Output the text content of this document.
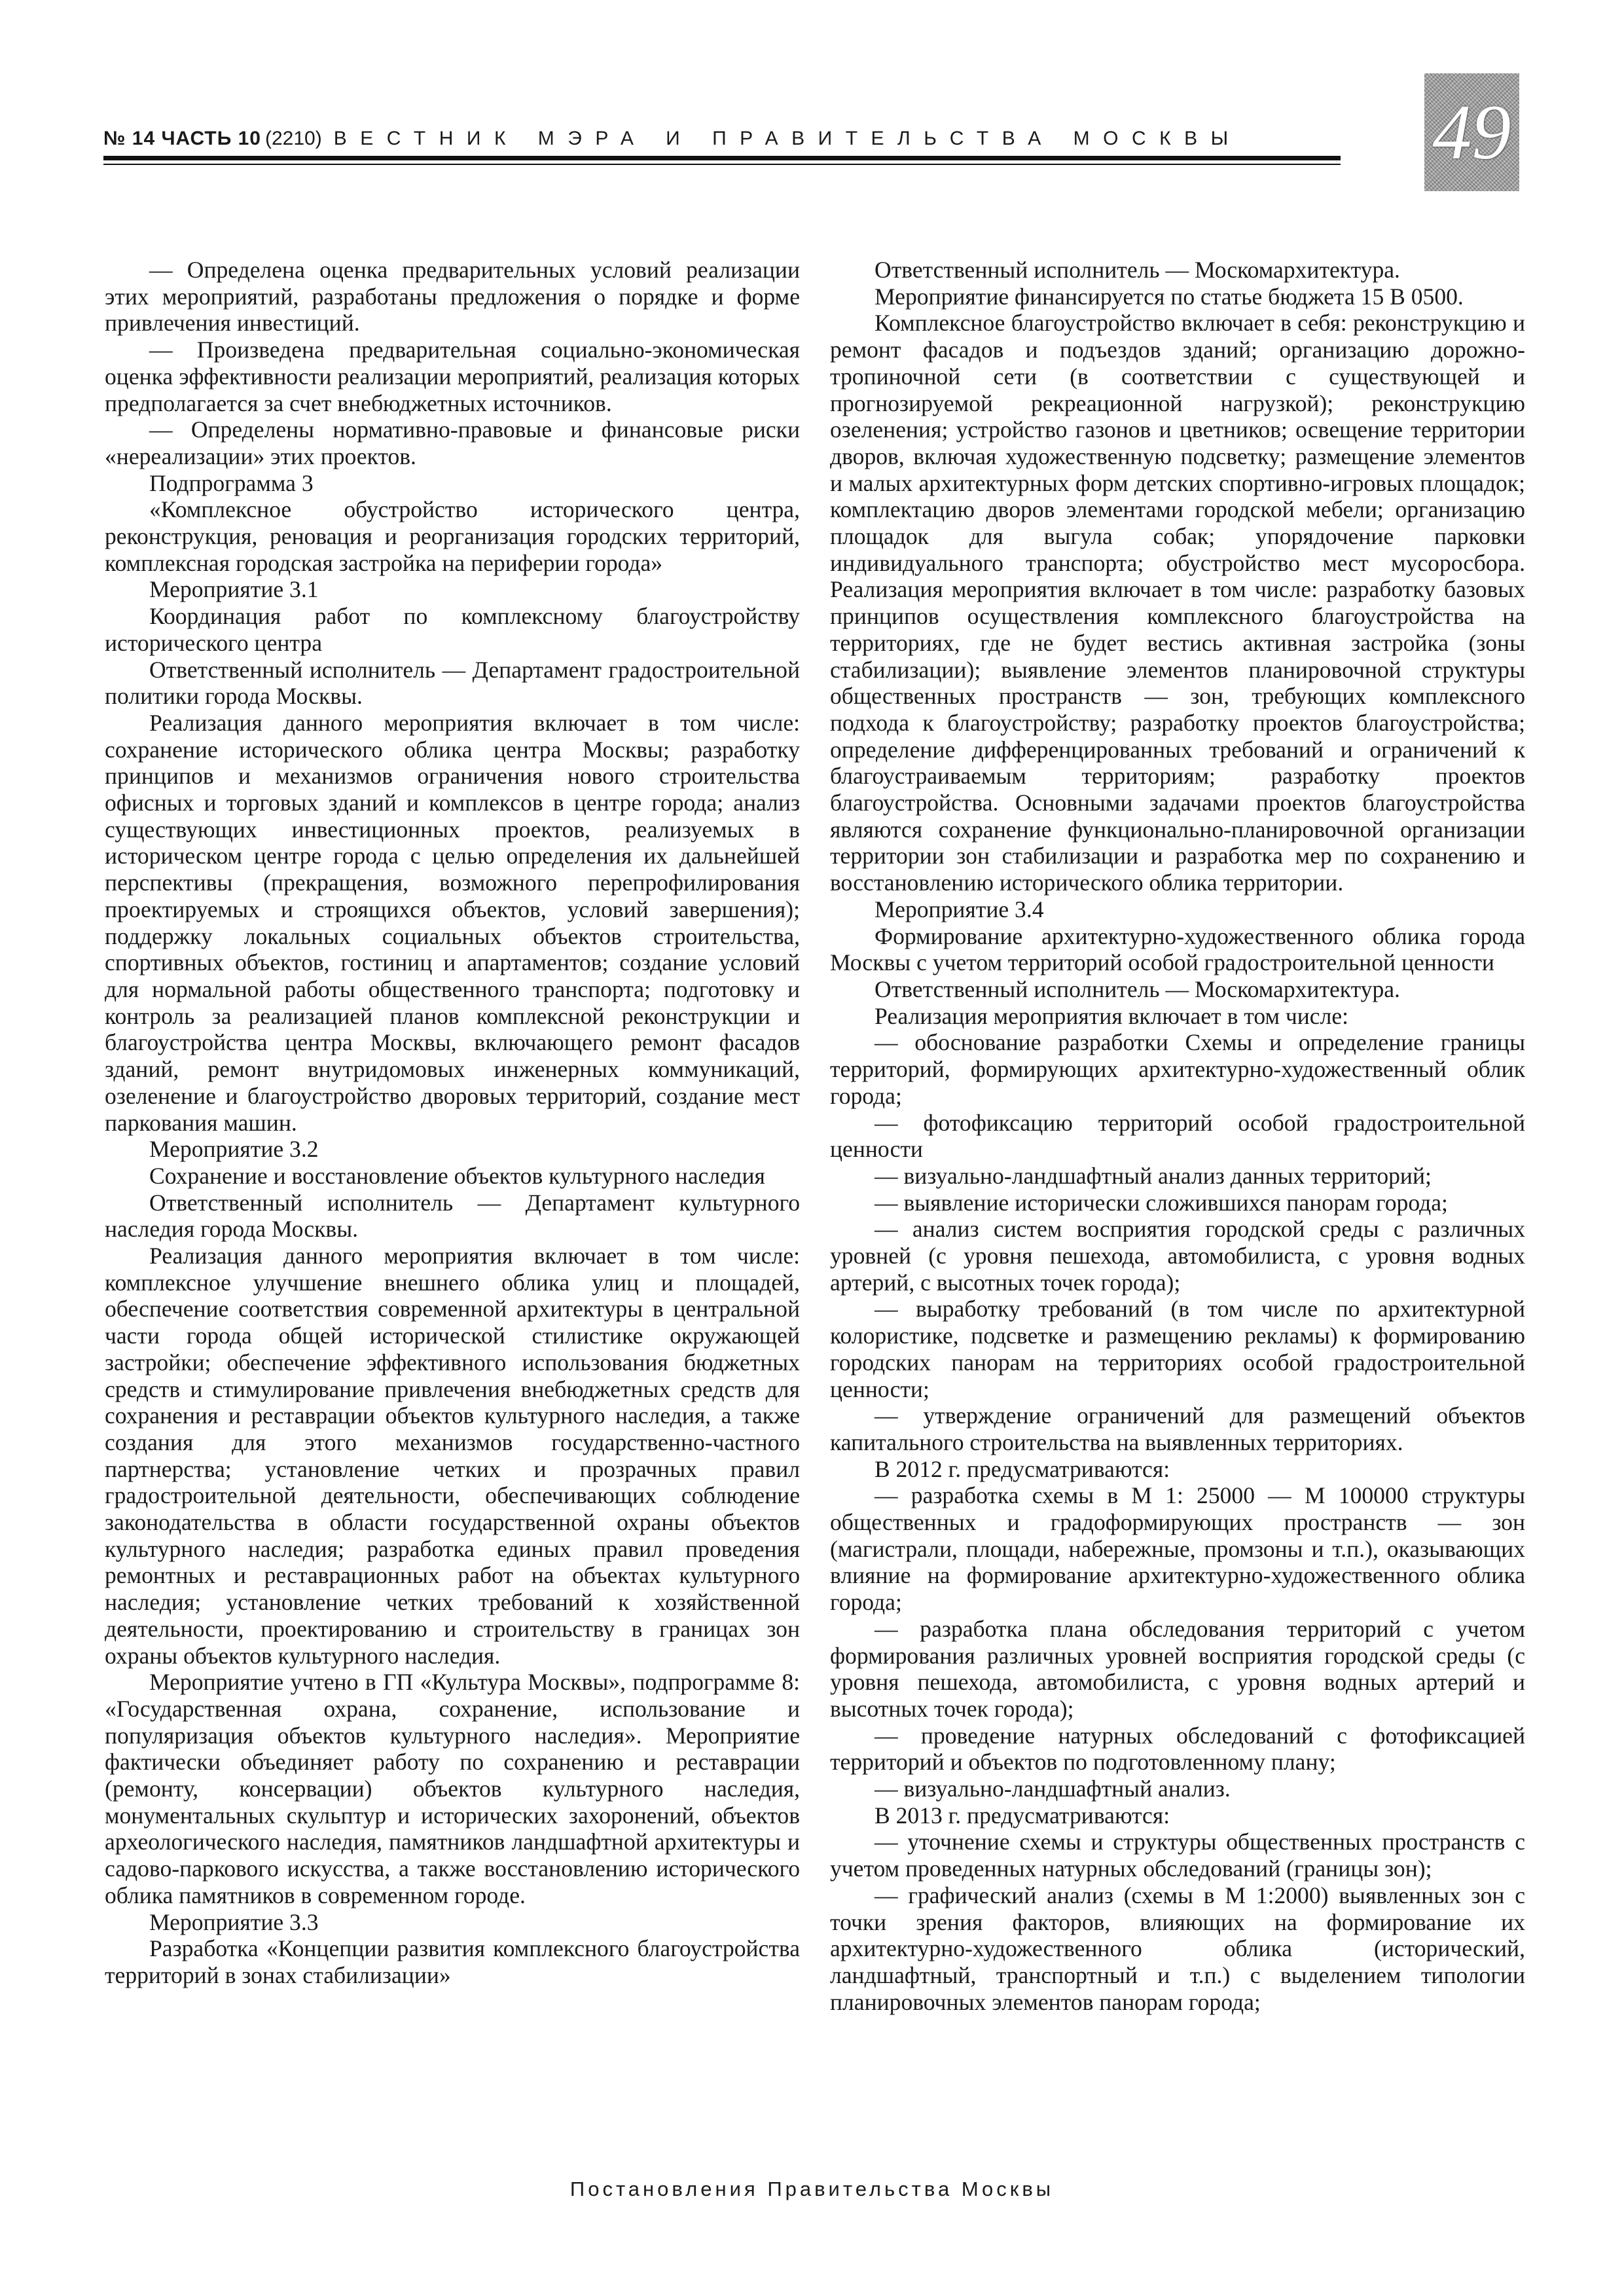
№ 14 ЧАСТЬ 10 (2210) ВЕСТНИК МЭРА И ПРАВИТЕЛЬСТВА МОСКВЫ	49

— Определена оценка предварительных условий реализации этих мероприятий, разработаны предложения о порядке и форме привлечения инвестиций.

— Произведена предварительная социально-экономическая оценка эффективности реализации мероприятий, реализация которых предполагается за счет внебюджетных источников.

— Определены нормативно-правовые и финансовые риски «нереализации» этих проектов.

Подпрограмма 3

«Комплексное обустройство исторического центра, реконструкция, реновация и реорганизация городских территорий, комплексная городская застройка на периферии города»

Мероприятие 3.1

Координация работ по комплексному благоустройству исторического центра

Ответственный исполнитель — Департамент градостроительной политики города Москвы.

Реализация данного мероприятия включает в том числе: сохранение исторического облика центра Москвы; разработку принципов и механизмов ограничения нового строительства офисных и торговых зданий и комплексов в центре города; анализ существующих инвестиционных проектов, реализуемых в историческом центре города с целью определения их дальнейшей перспективы (прекращения, возможного перепрофилирования проектируемых и строящихся объектов, условий завершения); поддержку локальных социальных объектов строительства, спортивных объектов, гостиниц и апартаментов; создание условий для нормальной работы общественного транспорта; подготовку и контроль за реализацией планов комплексной реконструкции и благоустройства центра Москвы, включающего ремонт фасадов зданий, ремонт внутридомовых инженерных коммуникаций, озеленение и благоустройство дворовых территорий, создание мест паркования машин.

Мероприятие 3.2

Сохранение и восстановление объектов культурного наследия

Ответственный исполнитель — Департамент культурного наследия города Москвы.

Реализация данного мероприятия включает в том числе: комплексное улучшение внешнего облика улиц и площадей, обеспечение соответствия современной архитектуры в центральной части города общей исторической стилистике окружающей застройки; обеспечение эффективного использования бюджетных средств и стимулирование привлечения внебюджетных средств для сохранения и реставрации объектов культурного наследия, а также создания для этого механизмов государственно-частного партнерства; установление четких и прозрачных правил градостроительной деятельности, обеспечивающих соблюдение законодательства в области государственной охраны объектов культурного наследия; разработка единых правил проведения ремонтных и реставрационных работ на объектах культурного наследия; установление четких требований к хозяйственной деятельности, проектированию и строительству в границах зон охраны объектов культурного наследия.

Мероприятие учтено в ГП «Культура Москвы», подпрограмме 8: «Государственная охрана, сохранение, использование и популяризация объектов культурного наследия». Мероприятие фактически объединяет работу по сохранению и реставрации (ремонту, консервации) объектов культурного наследия, монументальных скульптур и исторических захоронений, объектов археологического наследия, памятников ландшафтной архитектуры и садово-паркового искусства, а также восстановлению исторического облика памятников в современном городе.

Мероприятие 3.3

Разработка «Концепции развития комплексного благоустройства территорий в зонах стабилизации»

Ответственный исполнитель — Москомархитектура.

Мероприятие финансируется по статье бюджета 15 В 0500.

Комплексное благоустройство включает в себя: реконструкцию и ремонт фасадов и подъездов зданий; организацию дорожно-тропиночной сети (в соответствии с существующей и прогнозируемой рекреационной нагрузкой); реконструкцию озеленения; устройство газонов и цветников; освещение территории дворов, включая художественную подсветку; размещение элементов и малых архитектурных форм детских спортивно-игровых площадок; комплектацию дворов элементами городской мебели; организацию площадок для выгула собак; упорядочение парковки индивидуального транспорта; обустройство мест мусоросбора. Реализация мероприятия включает в том числе: разработку базовых принципов осуществления комплексного благоустройства на территориях, где не будет вестись активная застройка (зоны стабилизации); выявление элементов планировочной структуры общественных пространств — зон, требующих комплексного подхода к благоустройству; разработку проектов благоустройства; определение дифференцированных требований и ограничений к благоустраиваемым территориям; разработку проектов благоустройства. Основными задачами проектов благоустройства являются сохранение функционально-планировочной организации территории зон стабилизации и разработка мер по сохранению и восстановлению исторического облика территории.

Мероприятие 3.4

Формирование архитектурно-художественного облика города Москвы с учетом территорий особой градостроительной ценности

Ответственный исполнитель — Москомархитектура.

Реализация мероприятия включает в том числе:

— обоснование разработки Схемы и определение границы территорий, формирующих архитектурно-художественный облик города;

— фотофиксацию территорий особой градостроительной ценности

— визуально-ландшафтный анализ данных территорий;

— выявление исторически сложившихся панорам города;

— анализ систем восприятия городской среды с различных уровней (с уровня пешехода, автомобилиста, с уровня водных артерий, с высотных точек города);

— выработку требований (в том числе по архитектурной колористике, подсветке и размещению рекламы) к формированию городских панорам на территориях особой градостроительной ценности;

— утверждение ограничений для размещений объектов капитального строительства на выявленных территориях.

В 2012 г. предусматриваются:

— разработка схемы в М 1: 25000 — М 100000 структуры общественных и градоформирующих пространств — зон (магистрали, площади, набережные, промзоны и т.п.), оказывающих влияние на формирование архитектурно-художественного облика города;

— разработка плана обследования территорий с учетом формирования различных уровней восприятия городской среды (с уровня пешехода, автомобилиста, с уровня водных артерий и высотных точек города);

— проведение натурных обследований с фотофиксацией территорий и объектов по подготовленному плану;

— визуально-ландшафтный анализ.

В 2013 г. предусматриваются:

— уточнение схемы и структуры общественных пространств с учетом проведенных натурных обследований (границы зон);

— графический анализ (схемы в М 1:2000) выявленных зон с точки зрения факторов, влияющих на формирование их архитектурно-художественного облика (исторический, ландшафтный, транспортный и т.п.) с выделением типологии планировочных элементов панорам города;

Постановления Правительства Москвы
